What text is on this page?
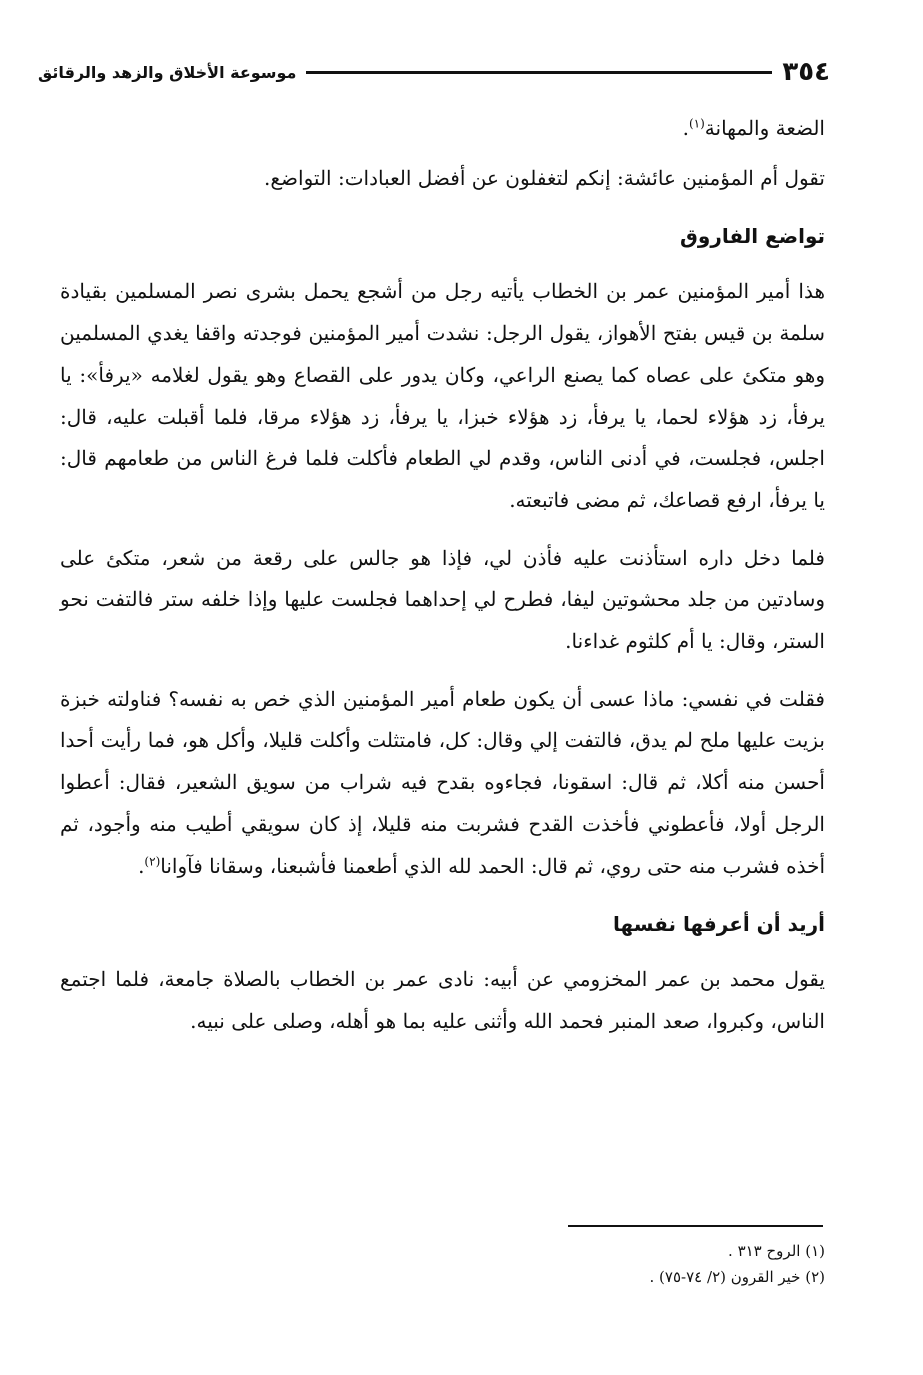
٣٥٤
موسوعة الأخلاق والزهد والرقائق

الضعة والمهانة$^{(١)}$.

تقول أم المؤمنين عائشة: إنكم لتغفلون عن أفضل العبادات: التواضع.

تواضع الفاروق

هذا أمير المؤمنين عمر بن الخطاب يأتيه رجل من أشجع يحمل بشرى نصر المسلمين بقيادة سلمة بن قيس بفتح الأهواز، يقول الرجل: نشدت أمير المؤمنين فوجدته واقفا يغدي المسلمين وهو متكئ على عصاه كما يصنع الراعي، وكان يدور على القصاع وهو يقول لغلامه «يرفأ»: يا يرفأ، زد هؤلاء لحما، يا يرفأ، زد هؤلاء خبزا، يا يرفأ، زد هؤلاء مرقا، فلما أقبلت عليه، قال: اجلس، فجلست، في أدنى الناس، وقدم لي الطعام فأكلت فلما فرغ الناس من طعامهم قال: يا يرفأ، ارفع قصاعك، ثم مضى فاتبعته.

فلما دخل داره استأذنت عليه فأذن لي، فإذا هو جالس على رقعة من شعر، متكئ على وسادتين من جلد محشوتين ليفا، فطرح لي إحداهما فجلست عليها وإذا خلفه ستر فالتفت نحو الستر، وقال: يا أم كلثوم غداءنا.

فقلت في نفسي: ماذا عسى أن يكون طعام أمير المؤمنين الذي خص به نفسه؟ فناولته خبزة بزيت عليها ملح لم يدق، فالتفت إلي وقال: كل، فامتثلت وأكلت قليلا، وأكل هو، فما رأيت أحدا أحسن منه أكلا، ثم قال: اسقونا، فجاءوه بقدح فيه شراب من سويق الشعير، فقال: أعطوا الرجل أولا، فأعطوني فأخذت القدح فشربت منه قليلا، إذ كان سويقي أطيب منه وأجود، ثم أخذه فشرب منه حتى روي، ثم قال: الحمد لله الذي أطعمنا فأشبعنا، وسقانا فآوانا$^{(٢)}$.

أريد أن أعرفها نفسها

يقول محمد بن عمر المخزومي عن أبيه: نادى عمر بن الخطاب بالصلاة جامعة، فلما اجتمع الناس، وكبروا، صعد المنبر فحمد الله وأثنى عليه بما هو أهله، وصلى على نبيه.

(١) الروح ٣١٣ .
(٢) خير القرون (٢/ ٧٤-٧٥) .
